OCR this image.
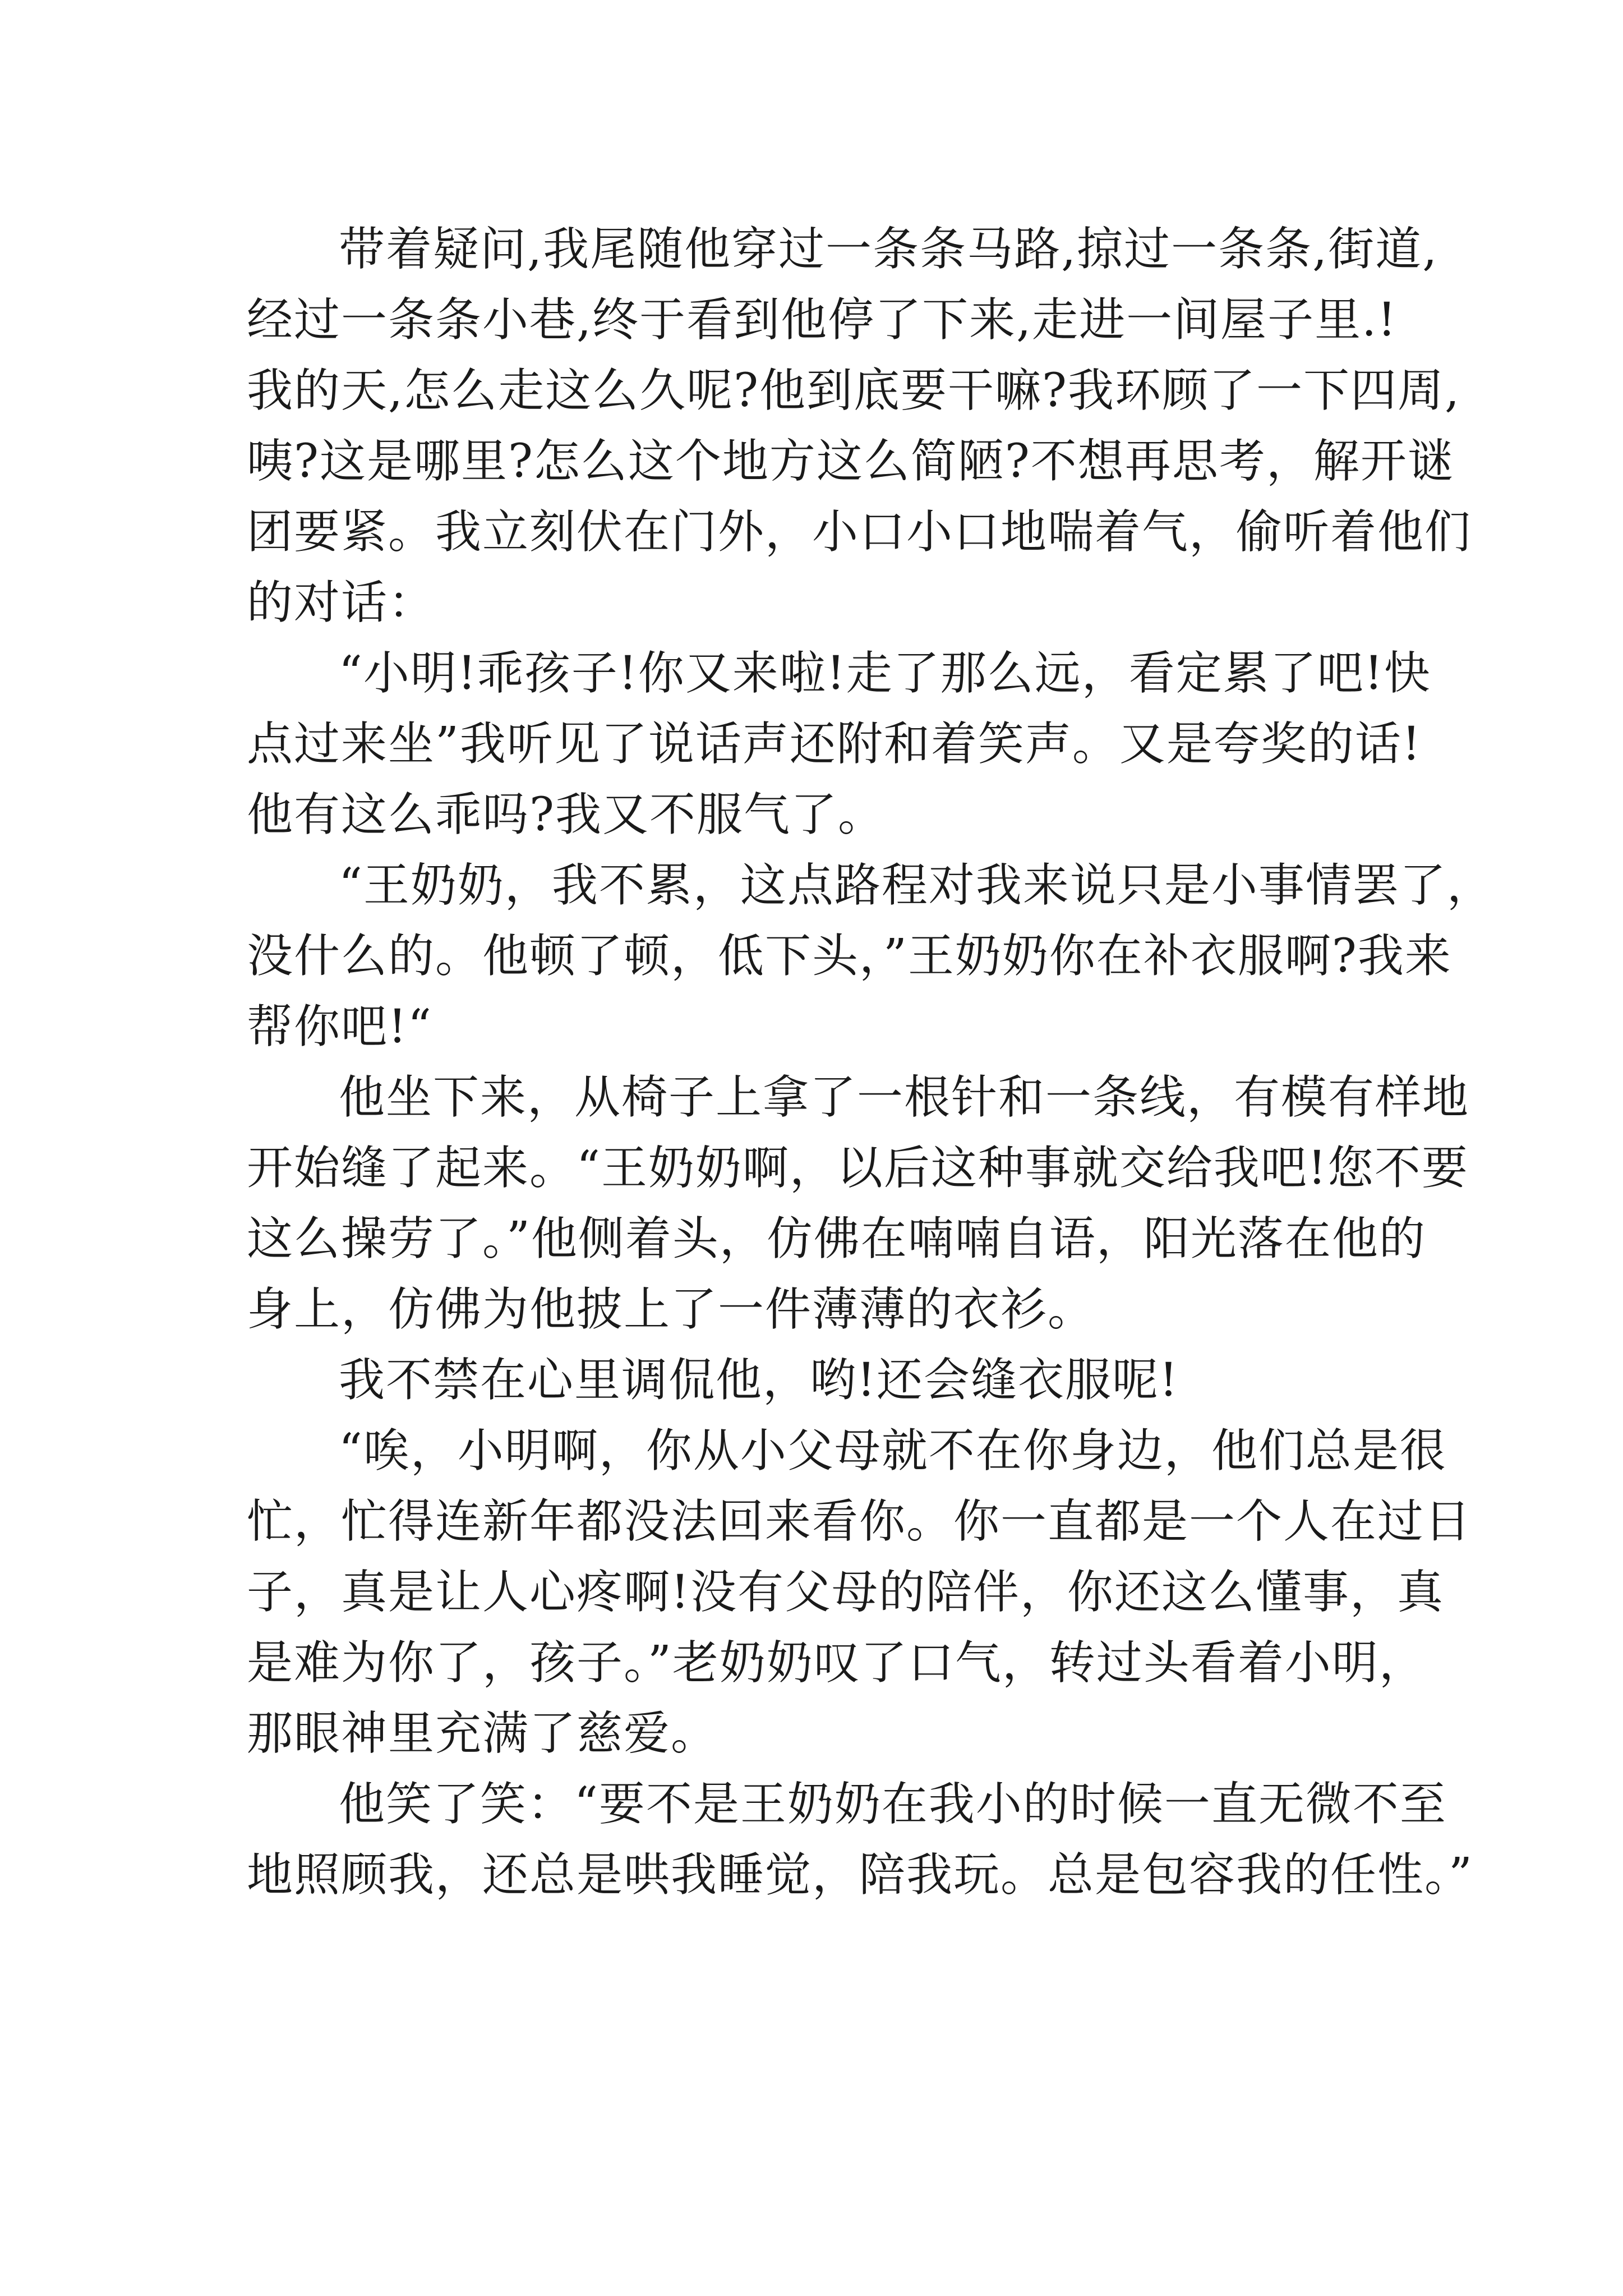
带着疑问,我尾随他穿过一条条马路,掠过一条条,街道,
经过一条条小巷,终于看到他停了下来,走进一间屋子里.!
我的天,怎么走这么久呢?他到底要干嘛?我环顾了一下四周,
咦?这是哪里?怎么这个地方这么简陋?不想再思考，解开谜
团要紧。我立刻伏在门外，小口小口地喘着气，偷听着他们
的对话：
“小明!乖孩子!你又来啦!走了那么远，看定累了吧!快
点过来坐”我听见了说话声还附和着笑声。又是夸奖的话!
他有这么乖吗?我又不服气了。
“王奶奶，我不累，这点路程对我来说只是小事情罢了，
没什么的。他顿了顿，低下头，”王奶奶你在补衣服啊?我来
帮你吧!“
他坐下来，从椅子上拿了一根针和一条线，有模有样地
开始缝了起来。“王奶奶啊，以后这种事就交给我吧!您不要
这么操劳了。”他侧着头，仿佛在喃喃自语，阳光落在他的
身上，仿佛为他披上了一件薄薄的衣衫。
我不禁在心里调侃他，哟!还会缝衣服呢!
“唉，小明啊，你从小父母就不在你身边，他们总是很
忙，忙得连新年都没法回来看你。你一直都是一个人在过日
子，真是让人心疼啊!没有父母的陪伴，你还这么懂事，真
是难为你了，孩子。”老奶奶叹了口气，转过头看着小明，
那眼神里充满了慈爱。
他笑了笑：“要不是王奶奶在我小的时候一直无微不至
地照顾我，还总是哄我睡觉，陪我玩。总是包容我的任性。”
